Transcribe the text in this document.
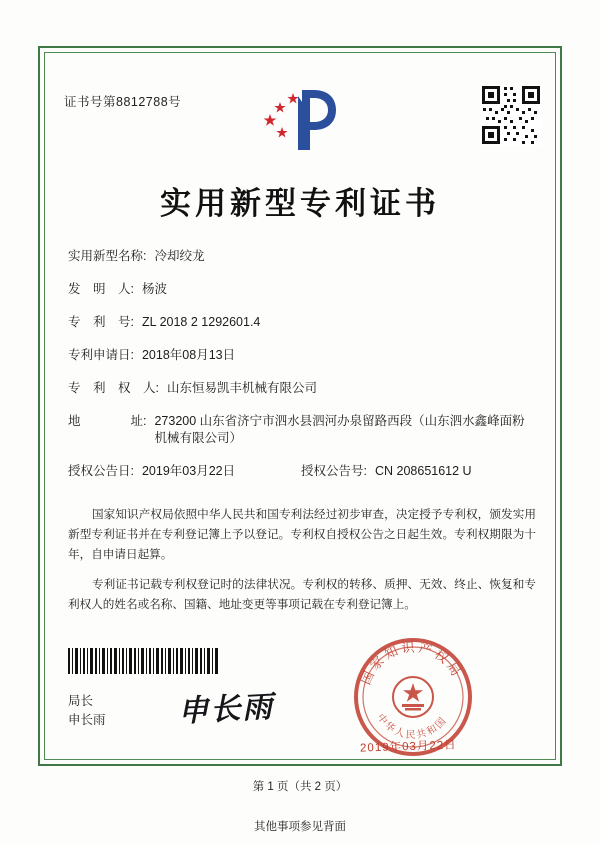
证书号第8812788号
实用新型专利证书
实用新型名称: 冷却绞龙
发　明　人: 杨波
专　利　号: ZL 2018 2 1292601.4
专利申请日: 2018年08月13日
专　利　权　人: 山东恒易凯丰机械有限公司
地　　　　址: 273200 山东省济宁市泗水县泗河办泉留路西段（山东泗水鑫峰面粉机械有限公司）
授权公告日: 2019年03月22日	授权公告号: CN 208651612 U

国家知识产权局依照中华人民共和国专利法经过初步审查，决定授予专利权，颁发实用新型专利证书并在专利登记簿上予以登记。专利权自授权公告之日起生效。专利权期限为十年，自申请日起算。

专利证书记载专利权登记时的法律状况。专利权的转移、质押、无效、终止、恢复和专利权人的姓名或名称、国籍、地址变更等事项记载在专利登记簿上。

局长
申长雨 申长雨
国家知识产权局
中华人民共和国
2019年03月22日
第 1 页（共 2 页）
其他事项参见背面
